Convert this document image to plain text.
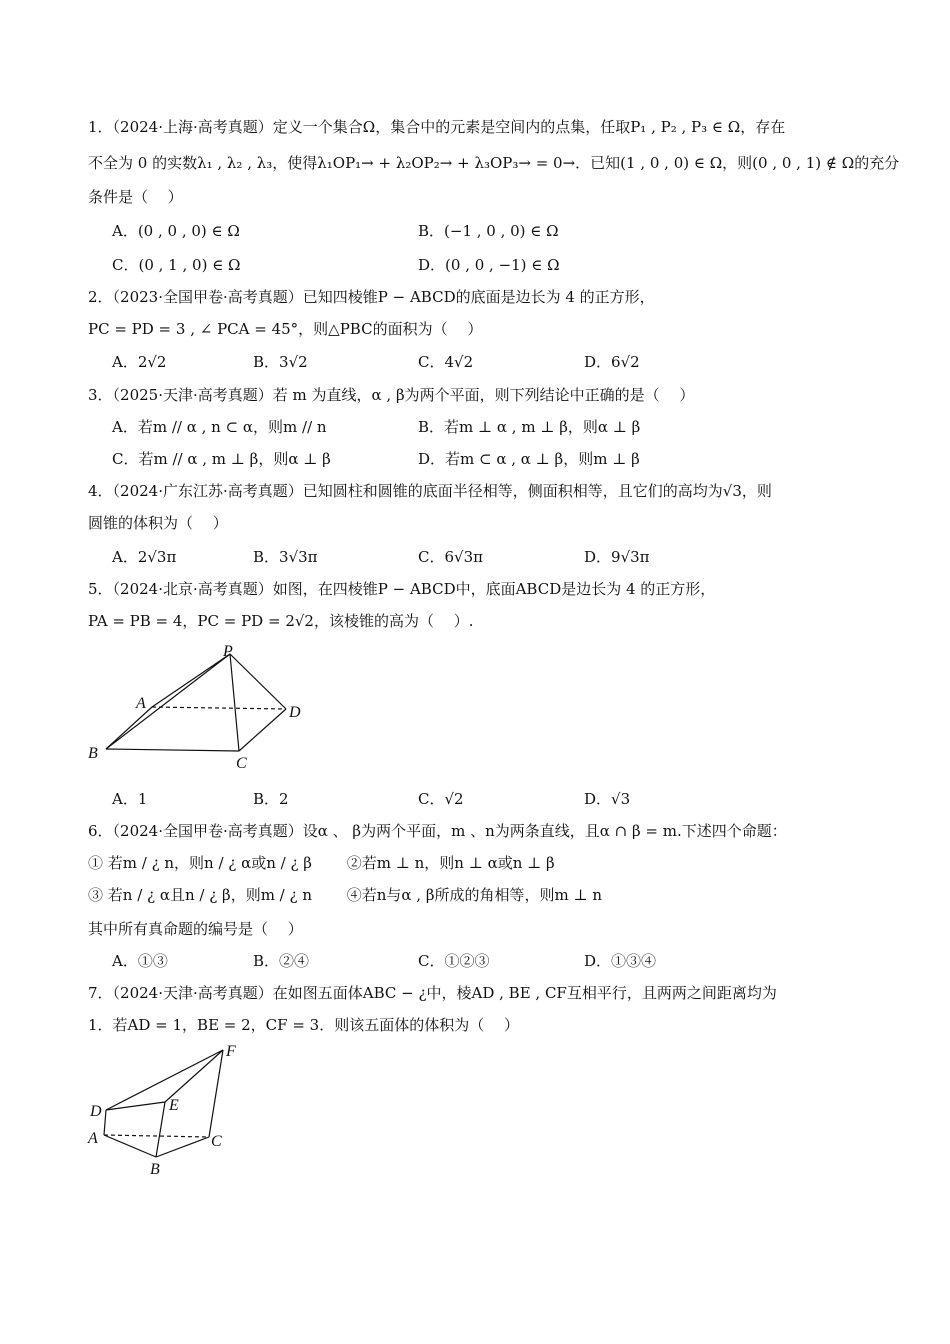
1．（2024·上海·高考真题）定义一个集合Ω，集合中的元素是空间内的点集，任取P₁ , P₂ , P₃ ∈ Ω，存在
不全为 0 的实数λ₁ , λ₂ , λ₃，使得λ₁OP₁→ + λ₂OP₂→ + λ₃OP₃→ = 0→．已知(1 , 0 , 0) ∈ Ω，则(0 , 0 , 1) ∉ Ω的充分
条件是（　 ）
A．(0 , 0 , 0) ∈ Ω	B．(−1 , 0 , 0) ∈ Ω
C．(0 , 1 , 0) ∈ Ω	D．(0 , 0 , −1) ∈ Ω
2．（2023·全国甲卷·高考真题）已知四棱锥P − ABCD的底面是边长为 4 的正方形，
PC = PD = 3 , ∠ PCA = 45°，则△PBC的面积为（　 ）
A．2√2	B．3√2	C．4√2	D．6√2
3．（2025·天津·高考真题）若 m 为直线，α , β为两个平面，则下列结论中正确的是（　 ）
A．若m // α , n ⊂ α，则m // n	B．若m ⊥ α , m ⊥ β，则α ⊥ β
C．若m // α , m ⊥ β，则α ⊥ β	D．若m ⊂ α , α ⊥ β，则m ⊥ β
4．（2024·广东江苏·高考真题）已知圆柱和圆锥的底面半径相等，侧面积相等，且它们的高均为√3，则
圆锥的体积为（　 ）
A．2√3π	B．3√3π	C．6√3π	D．9√3π
5．（2024·北京·高考真题）如图，在四棱锥P − ABCD中，底面ABCD是边长为 4 的正方形，
PA = PB = 4，PC = PD = 2√2，该棱锥的高为（　 ）.
P
A
D
B
C
A．1	B．2	C．√2	D．√3
6．（2024·全国甲卷·高考真题）设α 、 β为两个平面，m 、n为两条直线，且α ∩ β = m.下述四个命题：
① 若m / ¿ n，则n / ¿ α或n / ¿ β　　 ②若m ⊥ n，则n ⊥ α或n ⊥ β
③ 若n / ¿ α且n / ¿ β，则m / ¿ n　　 ④若n与α , β所成的角相等，则m ⊥ n
其中所有真命题的编号是（　 ）
A．①③	B．②④	C．①②③	D．①③④
7．（2024·天津·高考真题）在如图五面体ABC − ¿中，棱AD , BE , CF互相平行，且两两之间距离均为
1．若AD = 1，BE = 2，CF = 3．则该五面体的体积为（　 ）
F
D	E
A	C
B
